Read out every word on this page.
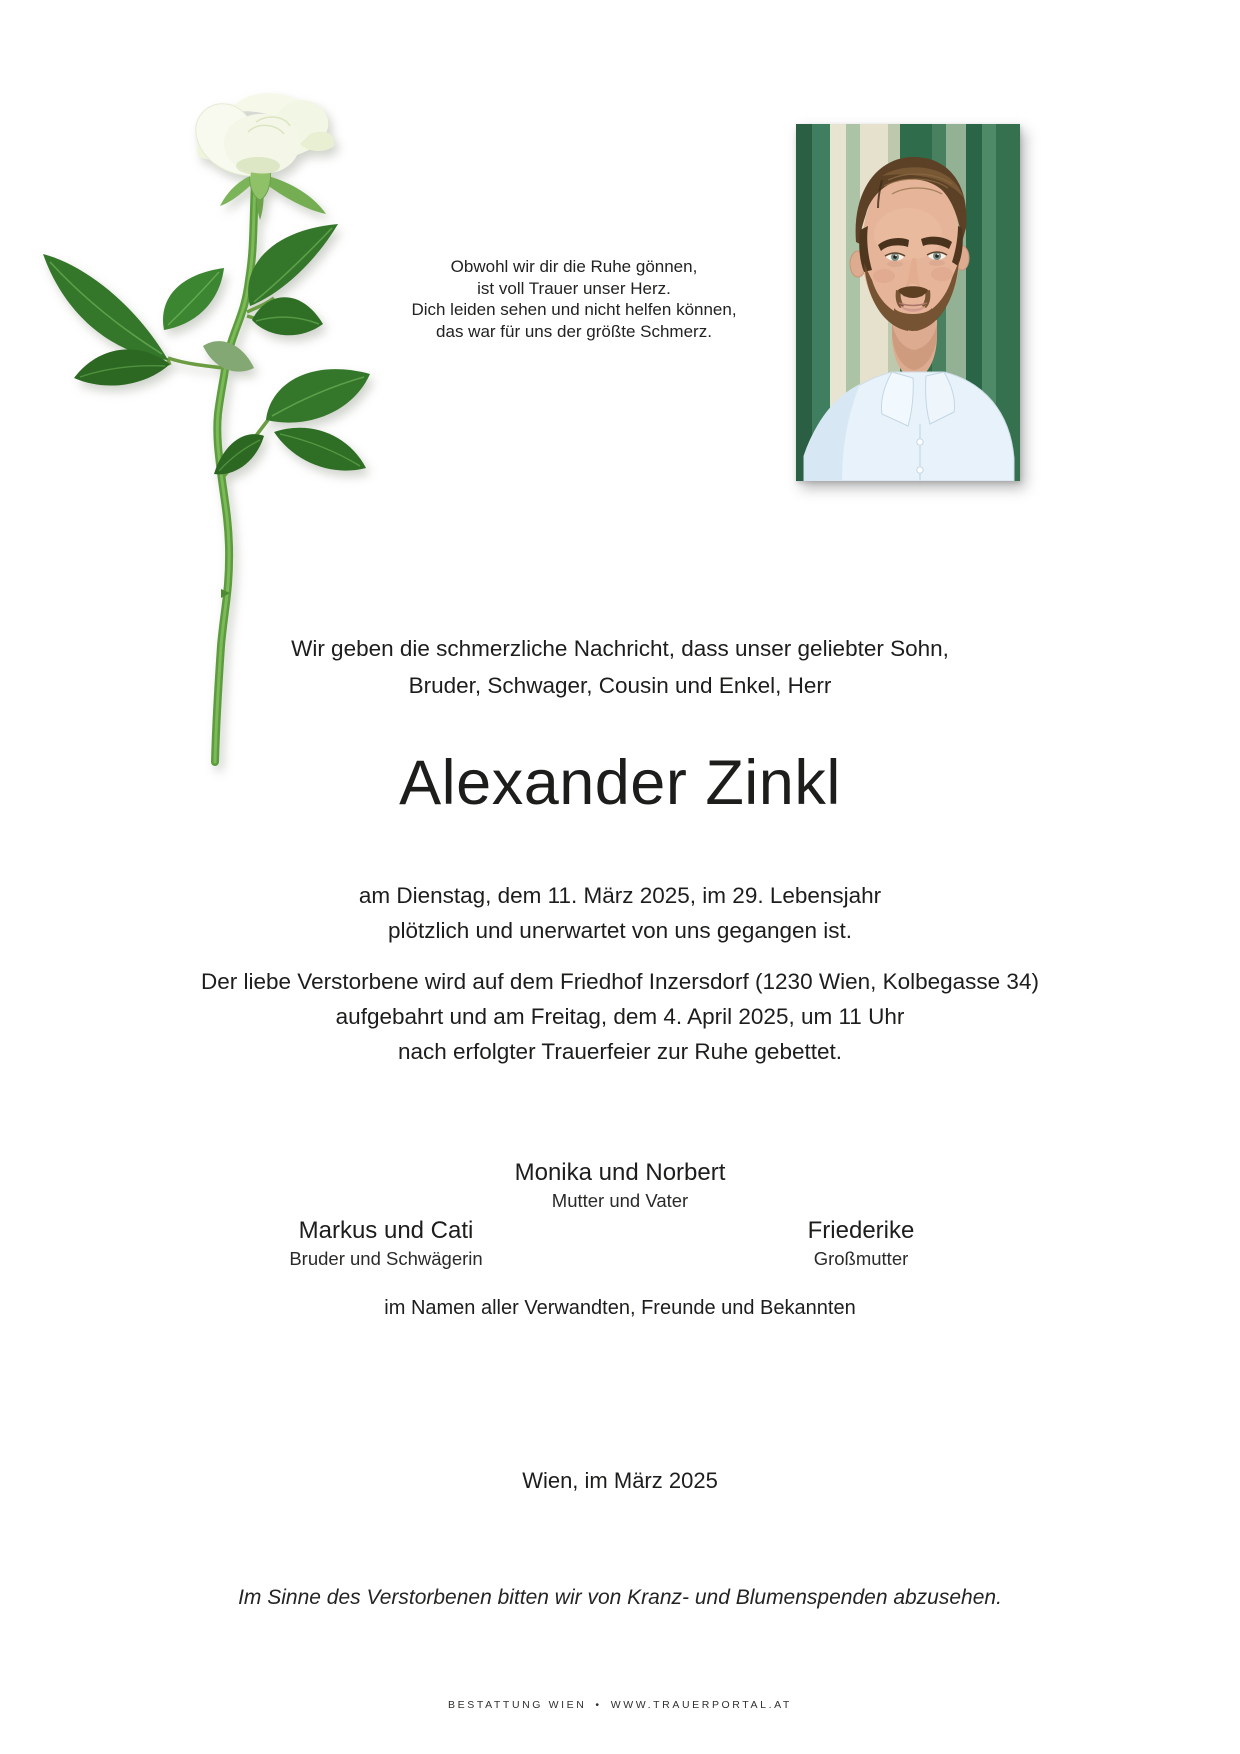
Obwohl wir dir die Ruhe gönnen,
ist voll Trauer unser Herz.
Dich leiden sehen und nicht helfen können,
das war für uns der größte Schmerz.
Wir geben die schmerzliche Nachricht, dass unser geliebter Sohn,
Bruder, Schwager, Cousin und Enkel, Herr
Alexander Zinkl
am Dienstag, dem 11. März 2025, im 29. Lebensjahr
plötzlich und unerwartet von uns gegangen ist.
Der liebe Verstorbene wird auf dem Friedhof Inzersdorf (1230 Wien, Kolbegasse 34)
aufgebahrt und am Freitag, dem 4. April 2025, um 11 Uhr
nach erfolgter Trauerfeier zur Ruhe gebettet.
Monika und Norbert
Mutter und Vater
Markus und Cati
Bruder und Schwägerin
Friederike
Großmutter
im Namen aller Verwandten, Freunde und Bekannten
Wien, im März 2025
Im Sinne des Verstorbenen bitten wir von Kranz- und Blumenspenden abzusehen.
BESTATTUNG WIEN • WWW.TRAUERPORTAL.AT
